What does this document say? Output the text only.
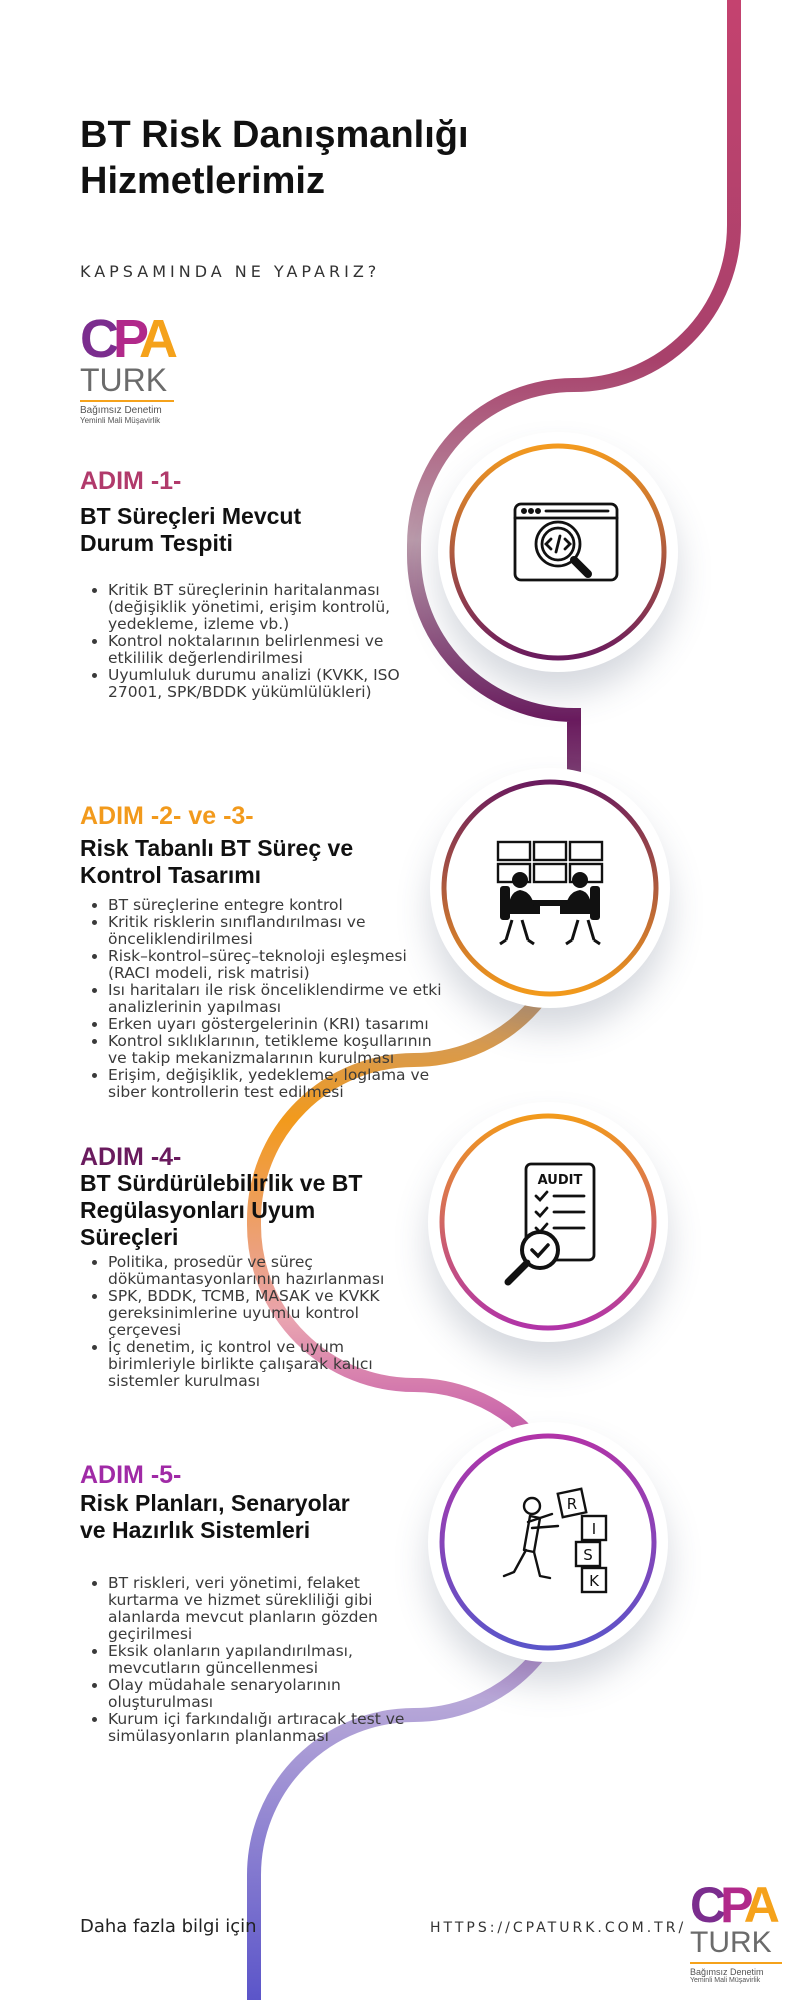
BT Risk Danışmanlığı Hizmetlerimiz
KAPSAMINDA NE YAPARIZ?
CPA
TURK
Bağımsız Denetim
Yeminli Mali Müşavirlik
ADIM -1-
BT Süreçleri Mevcut Durum Tespiti
• Kritik BT süreçlerinin haritalanması (değişiklik yönetimi, erişim kontrolü, yedekleme, izleme vb.)
• Kontrol noktalarının belirlenmesi ve etkililik değerlendirilmesi
• Uyumluluk durumu analizi (KVKK, ISO 27001, SPK/BDDK yükümlülükleri)
ADIM -2- ve -3-
Risk Tabanlı BT Süreç ve Kontrol Tasarımı
• BT süreçlerine entegre kontrol
• Kritik risklerin sınıflandırılması ve önceliklendirilmesi
• Risk–kontrol–süreç–teknoloji eşleşmesi (RACI modeli, risk matrisi)
• Isı haritaları ile risk önceliklendirme ve etki analizlerinin yapılması
• Erken uyarı göstergelerinin (KRI) tasarımı
• Kontrol sıklıklarının, tetikleme koşullarının ve takip mekanizmalarının kurulması
• Erişim, değişiklik, yedekleme, loglama ve siber kontrollerin test edilmesi
ADIM -4-
BT Sürdürülebilirlik ve BT Regülasyonları Uyum Süreçleri
• Politika, prosedür ve süreç dökümantasyonlarının hazırlanması
• SPK, BDDK, TCMB, MASAK ve KVKK gereksinimlerine uyumlu kontrol çerçevesi
• İç denetim, iç kontrol ve uyum birimleriyle birlikte çalışarak kalıcı sistemler kurulması
AUDIT
ADIM -5-
Risk Planları, Senaryolar ve Hazırlık Sistemleri
• BT riskleri, veri yönetimi, felaket kurtarma ve hizmet sürekliliği gibi alanlarda mevcut planların gözden geçirilmesi
• Eksik olanların yapılandırılması, mevcutların güncellenmesi
• Olay müdahale senaryolarının oluşturulması
• Kurum içi farkındalığı artıracak test ve simülasyonların planlanması
R
I
S
K
Daha fazla bilgi için	HTTPS://CPATURK.COM.TR/ CPA
TURK
Bağımsız Denetim
Yeminli Mali Müşavirlik
